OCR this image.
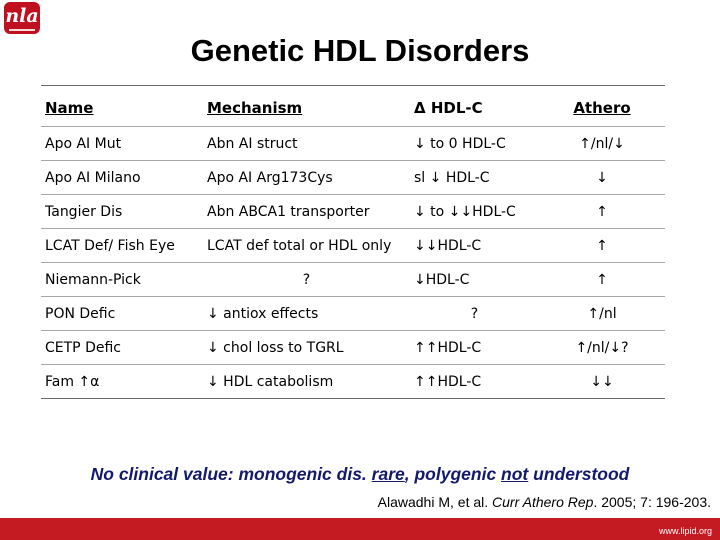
nla
Genetic HDL Disorders
Name	Mechanism	Δ HDL-C	Athero
Apo AI Mut	Abn AI struct	↓ to 0 HDL-C	↑/nl/↓
Apo AI Milano	Apo AI Arg173Cys	sl ↓ HDL-C	↓
Tangier Dis	Abn ABCA1 transporter	↓ to ↓↓HDL-C	↑
LCAT Def/ Fish Eye	LCAT def total or HDL only	↓↓HDL-C	↑
Niemann-Pick	?	↓HDL-C	↑
PON Defic	↓ antiox effects	?	↑/nl
CETP Defic	↓ chol loss to TGRL	↑↑HDL-C	↑/nl/↓?
Fam ↑α	↓ HDL catabolism	↑↑HDL-C	↓↓
No clinical value: monogenic dis. rare, polygenic not understood
Alawadhi M, et al. Curr Athero Rep. 2005; 7: 196-203.
www.lipid.org
